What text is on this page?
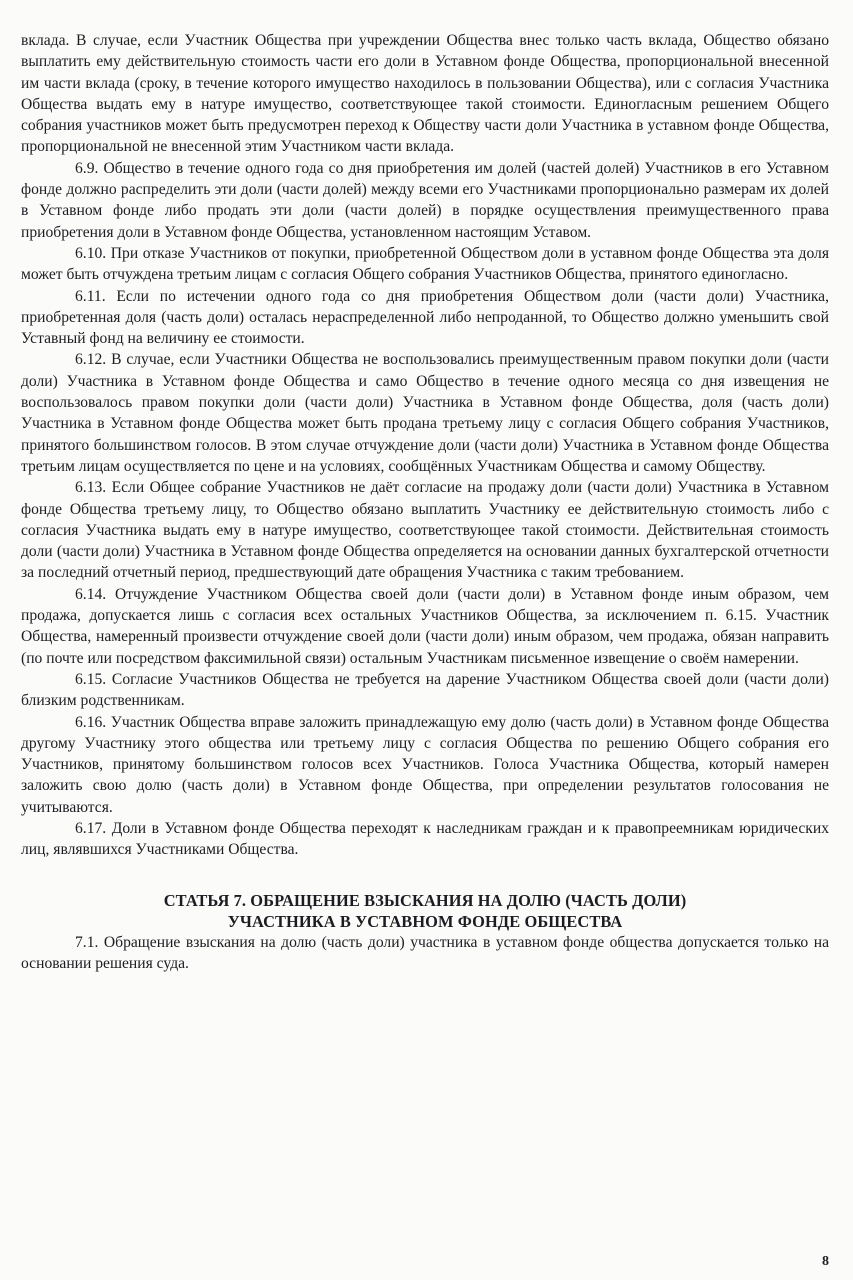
вклада. В случае, если Участник Общества при учреждении Общества внес только часть вклада, Общество обязано выплатить ему действительную стоимость части его доли в Уставном фонде Общества, пропорциональной внесенной им части вклада (сроку, в течение которого имущество находилось в пользовании Общества), или с согласия Участника Общества выдать ему в натуре имущество, соответствующее такой стоимости. Единогласным решением Общего собрания участников может быть предусмотрен переход к Обществу части доли Участника в уставном фонде Общества, пропорциональной не внесенной этим Участником части вклада.

6.9. Общество в течение одного года со дня приобретения им долей (частей долей) Участников в его Уставном фонде должно распределить эти доли (части долей) между всеми его Участниками пропорционально размерам их долей в Уставном фонде либо продать эти доли (части долей) в порядке осуществления преимущественного права приобретения доли в Уставном фонде Общества, установленном настоящим Уставом.

6.10. При отказе Участников от покупки, приобретенной Обществом доли в уставном фонде Общества эта доля может быть отчуждена третьим лицам с согласия Общего собрания Участников Общества, принятого единогласно.

6.11. Если по истечении одного года со дня приобретения Обществом доли (части доли) Участника, приобретенная доля (часть доли) осталась нераспределенной либо непроданной, то Общество должно уменьшить свой Уставный фонд на величину ее стоимости.

6.12. В случае, если Участники Общества не воспользовались преимущественным правом покупки доли (части доли) Участника в Уставном фонде Общества и само Общество в течение одного месяца со дня извещения не воспользовалось правом покупки доли (части доли) Участника в Уставном фонде Общества, доля (часть доли) Участника в Уставном фонде Общества может быть продана третьему лицу с согласия Общего собрания Участников, принятого большинством голосов. В этом случае отчуждение доли (части доли) Участника в Уставном фонде Общества третьим лицам осуществляется по цене и на условиях, сообщённых Участникам Общества и самому Обществу.

6.13. Если Общее собрание Участников не даёт согласие на продажу доли (части доли) Участника в Уставном фонде Общества третьему лицу, то Общество обязано выплатить Участнику ее действительную стоимость либо с согласия Участника выдать ему в натуре имущество, соответствующее такой стоимости. Действительная стоимость доли (части доли) Участника в Уставном фонде Общества определяется на основании данных бухгалтерской отчетности за последний отчетный период, предшествующий дате обращения Участника с таким требованием.

6.14. Отчуждение Участником Общества своей доли (части доли) в Уставном фонде иным образом, чем продажа, допускается лишь с согласия всех остальных Участников Общества, за исключением п. 6.15. Участник Общества, намеренный произвести отчуждение своей доли (части доли) иным образом, чем продажа, обязан направить (по почте или посредством факсимильной связи) остальным Участникам письменное извещение о своём намерении.

6.15. Согласие Участников Общества не требуется на дарение Участником Общества своей доли (части доли) близким родственникам.

6.16. Участник Общества вправе заложить принадлежащую ему долю (часть доли) в Уставном фонде Общества другому Участнику этого общества или третьему лицу с согласия Общества по решению Общего собрания его Участников, принятому большинством голосов всех Участников. Голоса Участника Общества, который намерен заложить свою долю (часть доли) в Уставном фонде Общества, при определении результатов голосования не учитываются.

6.17. Доли в Уставном фонде Общества переходят к наследникам граждан и к правопреемникам юридических лиц, являвшихся Участниками Общества.

СТАТЬЯ 7. ОБРАЩЕНИЕ ВЗЫСКАНИЯ НА ДОЛЮ (ЧАСТЬ ДОЛИ)
УЧАСТНИКА В УСТАВНОМ ФОНДЕ ОБЩЕСТВА

7.1. Обращение взыскания на долю (часть доли) участника в уставном фонде общества допускается только на основании решения суда.

8
